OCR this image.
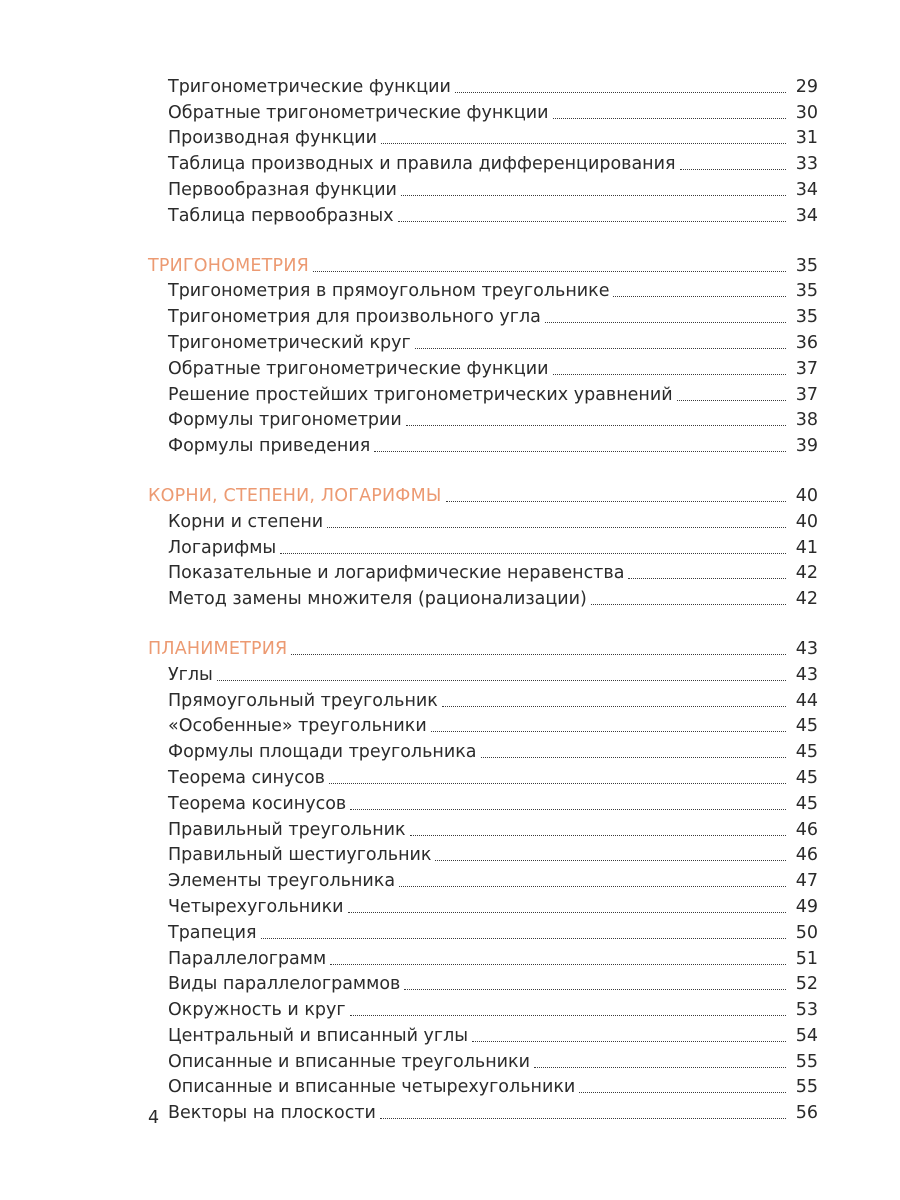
Тригонометрические функции	29
Обратные тригонометрические функции	30
Производная функции	31
Таблица производных и правила дифференцирования	33
Первообразная функции	34
Таблица первообразных	34
ТРИГОНОМЕТРИЯ	35
Тригонометрия в прямоугольном треугольнике	35
Тригонометрия для произвольного угла	35
Тригонометрический круг	36
Обратные тригонометрические функции	37
Решение простейших тригонометрических уравнений	37
Формулы тригонометрии	38
Формулы приведения	39
КОРНИ, СТЕПЕНИ, ЛОГАРИФМЫ	40
Корни и степени	40
Логарифмы	41
Показательные и логарифмические неравенства	42
Метод замены множителя (рационализации)	42
ПЛАНИМЕТРИЯ	43
Углы	43
Прямоугольный треугольник	44
«Особенные» треугольники	45
Формулы площади треугольника	45
Теорема синусов	45
Теорема косинусов	45
Правильный треугольник	46
Правильный шестиугольник	46
Элементы треугольника	47
Четырехугольники	49
Трапеция	50
Параллелограмм	51
Виды параллелограммов	52
Окружность и круг	53
Центральный и вписанный углы	54
Описанные и вписанные треугольники	55
Описанные и вписанные четырехугольники	55
Векторы на плоскости	56
4
